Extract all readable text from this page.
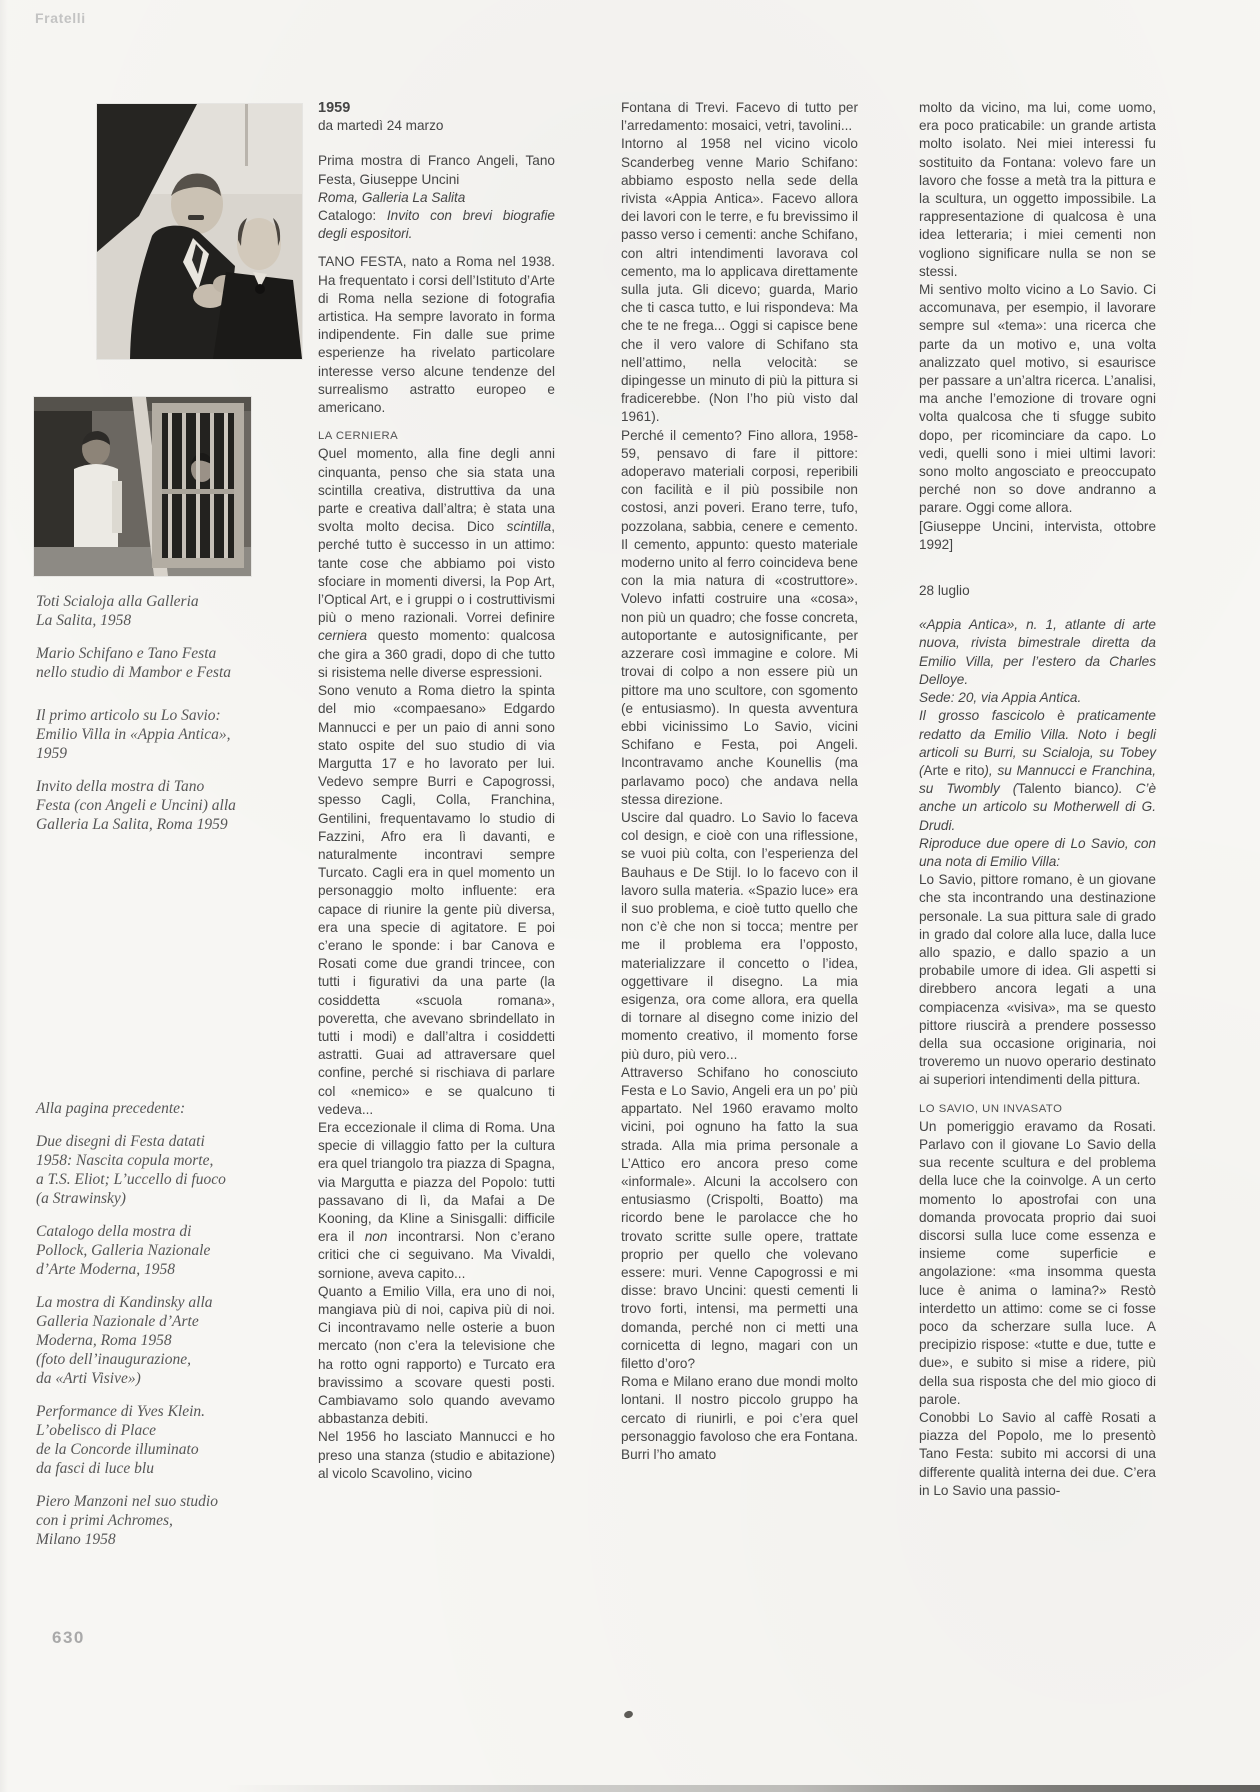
Fratelli

Toti Scialoja alla Galleria
La Salita, 1958

Mario Schifano e Tano Festa
nello studio di Mambor e Festa

Il primo articolo su Lo Savio:
Emilio Villa in «Appia Antica»,
1959

Invito della mostra di Tano
Festa (con Angeli e Uncini) alla
Galleria La Salita, Roma 1959

Alla pagina precedente:

Due disegni di Festa datati
1958: Nascita copula morte,
a T.S. Eliot; L’uccello di fuoco
(a Strawinsky)

Catalogo della mostra di
Pollock, Galleria Nazionale
d’Arte Moderna, 1958

La mostra di Kandinsky alla
Galleria Nazionale d’Arte
Moderna, Roma 1958
(foto dell’inaugurazione,
da «Arti Visive»)

Performance di Yves Klein.
L’obelisco di Place
de la Concorde illuminato
da fasci di luce blu

Piero Manzoni nel suo studio
con i primi Achromes,
Milano 1958

1959

da martedì 24 marzo

Prima mostra di Franco Angeli, Tano Festa, Giuseppe Uncini

Roma, Galleria La Salita

Catalogo: Invito con brevi biografie degli espositori.

TANO FESTA, nato a Roma nel 1938. Ha frequentato i corsi dell’Istituto d’Arte di Roma nella sezione di fotografia artistica. Ha sempre lavorato in forma indipendente. Fin dalle sue prime esperienze ha rivelato particolare interesse verso alcune tendenze del surrealismo astratto europeo e americano.

LA CERNIERA

Quel momento, alla fine degli anni cinquanta, penso che sia stata una scintilla creativa, distruttiva da una parte e creativa dall’altra; è stata una svolta molto decisa. Dico scintilla, perché tutto è successo in un attimo: tante cose che abbiamo poi visto sfociare in momenti diversi, la Pop Art, l’Optical Art, e i gruppi o i costruttivismi più o meno razionali. Vorrei definire cerniera questo momento: qualcosa che gira a 360 gradi, dopo di che tutto si risistema nelle diverse espressioni.

Sono venuto a Roma dietro la spinta del mio «compaesano» Edgardo Mannucci e per un paio di anni sono stato ospite del suo studio di via Margutta 17 e ho lavorato per lui. Vedevo sempre Burri e Capogrossi, spesso Cagli, Colla, Franchina, Gentilini, frequentavamo lo studio di Fazzini, Afro era lì davanti, e naturalmente incontravi sempre Turcato. Cagli era in quel momento un personaggio molto influente: era capace di riunire la gente più diversa, era una specie di agitatore. E poi c’erano le sponde: i bar Canova e Rosati come due grandi trincee, con tutti i figurativi da una parte (la cosiddetta «scuola romana», poveretta, che avevano sbrindellato in tutti i modi) e dall’altra i cosiddetti astratti. Guai ad attraversare quel confine, perché si rischiava di parlare col «nemico» e se qualcuno ti vedeva...

Era eccezionale il clima di Roma. Una specie di villaggio fatto per la cultura era quel triangolo tra piazza di Spagna, via Margutta e piazza del Popolo: tutti passavano di lì, da Mafai a De Kooning, da Kline a Sinisgalli: difficile era il non incontrarsi. Non c’erano critici che ci seguivano. Ma Vivaldi, sornione, aveva capito...

Quanto a Emilio Villa, era uno di noi, mangiava più di noi, capiva più di noi. Ci incontravamo nelle osterie a buon mercato (non c’era la televisione che ha rotto ogni rapporto) e Turcato era bravissimo a scovare questi posti. Cambiavamo solo quando avevamo abbastanza debiti.

Nel 1956 ho lasciato Mannucci e ho preso una stanza (studio e abitazione) al vicolo Scavolino, vicino

Fontana di Trevi. Facevo di tutto per l’arredamento: mosaici, vetri, tavolini...

Intorno al 1958 nel vicino vicolo Scanderbeg venne Mario Schifano: abbiamo esposto nella sede della rivista «Appia Antica». Facevo allora dei lavori con le terre, e fu brevissimo il passo verso i cementi: anche Schifano, con altri intendimenti lavorava col cemento, ma lo applicava direttamente sulla juta. Gli dicevo; guarda, Mario che ti casca tutto, e lui rispondeva: Ma che te ne frega... Oggi si capisce bene che il vero valore di Schifano sta nell’attimo, nella velocità: se dipingesse un minuto di più la pittura si fradicerebbe. (Non l’ho più visto dal 1961).

Perché il cemento? Fino allora, 1958-59, pensavo di fare il pittore: adoperavo materiali corposi, reperibili con facilità e il più possibile non costosi, anzi poveri. Erano terre, tufo, pozzolana, sabbia, cenere e cemento. Il cemento, appunto: questo materiale moderno unito al ferro coincideva bene con la mia natura di «costruttore». Volevo infatti costruire una «cosa», non più un quadro; che fosse concreta, autoportante e autosignificante, per azzerare così immagine e colore. Mi trovai di colpo a non essere più un pittore ma uno scultore, con sgomento (e entusiasmo). In questa avventura ebbi vicinissimo Lo Savio, vicini Schifano e Festa, poi Angeli. Incontravamo anche Kounellis (ma parlavamo poco) che andava nella stessa direzione.

Uscire dal quadro. Lo Savio lo faceva col design, e cioè con una riflessione, se vuoi più colta, con l’esperienza del Bauhaus e De Stijl. Io lo facevo con il lavoro sulla materia. «Spazio luce» era il suo problema, e cioè tutto quello che non c’è che non si tocca; mentre per me il problema era l’opposto, materializzare il concetto o l’idea, oggettivare il disegno. La mia esigenza, ora come allora, era quella di tornare al disegno come inizio del momento creativo, il momento forse più duro, più vero...

Attraverso Schifano ho conosciuto Festa e Lo Savio, Angeli era un po’ più appartato. Nel 1960 eravamo molto vicini, poi ognuno ha fatto la sua strada. Alla mia prima personale a L’Attico ero ancora preso come «informale». Alcuni la accolsero con entusiasmo (Crispolti, Boatto) ma ricordo bene le parolacce che ho trovato scritte sulle opere, trattate proprio per quello che volevano essere: muri. Venne Capogrossi e mi disse: bravo Uncini: questi cementi li trovo forti, intensi, ma permetti una domanda, perché non ci metti una cornicetta di legno, magari con un filetto d’oro?

Roma e Milano erano due mondi molto lontani. Il nostro piccolo gruppo ha cercato di riunirli, e poi c’era quel personaggio favoloso che era Fontana. Burri l’ho amato

molto da vicino, ma lui, come uomo, era poco praticabile: un grande artista molto isolato. Nei miei interessi fu sostituito da Fontana: volevo fare un lavoro che fosse a metà tra la pittura e la scultura, un oggetto impossibile. La rappresentazione di qualcosa è una idea letteraria; i miei cementi non vogliono significare nulla se non se stessi.

Mi sentivo molto vicino a Lo Savio. Ci accomunava, per esempio, il lavorare sempre sul «tema»: una ricerca che parte da un motivo e, una volta analizzato quel motivo, si esaurisce per passare a un’altra ricerca. L’analisi, ma anche l’emozione di trovare ogni volta qualcosa che ti sfugge subito dopo, per ricominciare da capo. Lo vedi, quelli sono i miei ultimi lavori: sono molto angosciato e preoccupato perché non so dove andranno a parare. Oggi come allora.

[Giuseppe Uncini, intervista, ottobre 1992]

28 luglio

«Appia Antica», n. 1, atlante di arte nuova, rivista bimestrale diretta da Emilio Villa, per l’estero da Charles Delloye.

Sede: 20, via Appia Antica.

Il grosso fascicolo è praticamente redatto da Emilio Villa. Noto i begli articoli su Burri, su Scialoja, su Tobey (Arte e rito), su Mannucci e Franchina, su Twombly (Talento bianco). C’è anche un articolo su Motherwell di G. Drudi.

Riproduce due opere di Lo Savio, con una nota di Emilio Villa:

Lo Savio, pittore romano, è un giovane che sta incontrando una destinazione personale. La sua pittura sale di grado in grado dal colore alla luce, dalla luce allo spazio, e dallo spazio a un probabile umore di idea. Gli aspetti si direbbero ancora legati a una compiacenza «visiva», ma se questo pittore riuscirà a prendere possesso della sua occasione originaria, noi troveremo un nuovo operario destinato ai superiori intendimenti della pittura.

LO SAVIO, UN INVASATO

Un pomeriggio eravamo da Rosati. Parlavo con il giovane Lo Savio della sua recente scultura e del problema della luce che la coinvolge. A un certo momento lo apostrofai con una domanda provocata proprio dai suoi discorsi sulla luce come essenza e insieme come superficie e angolazione: «ma insomma questa luce è anima o lamina?» Restò interdetto un attimo: come se ci fosse poco da scherzare sulla luce. A precipizio rispose: «tutte e due, tutte e due», e subito si mise a ridere, più della sua risposta che del mio gioco di parole.

Conobbi Lo Savio al caffè Rosati a piazza del Popolo, me lo presentò Tano Festa: subito mi accorsi di una differente qualità interna dei due. C’era in Lo Savio una passio-

630
